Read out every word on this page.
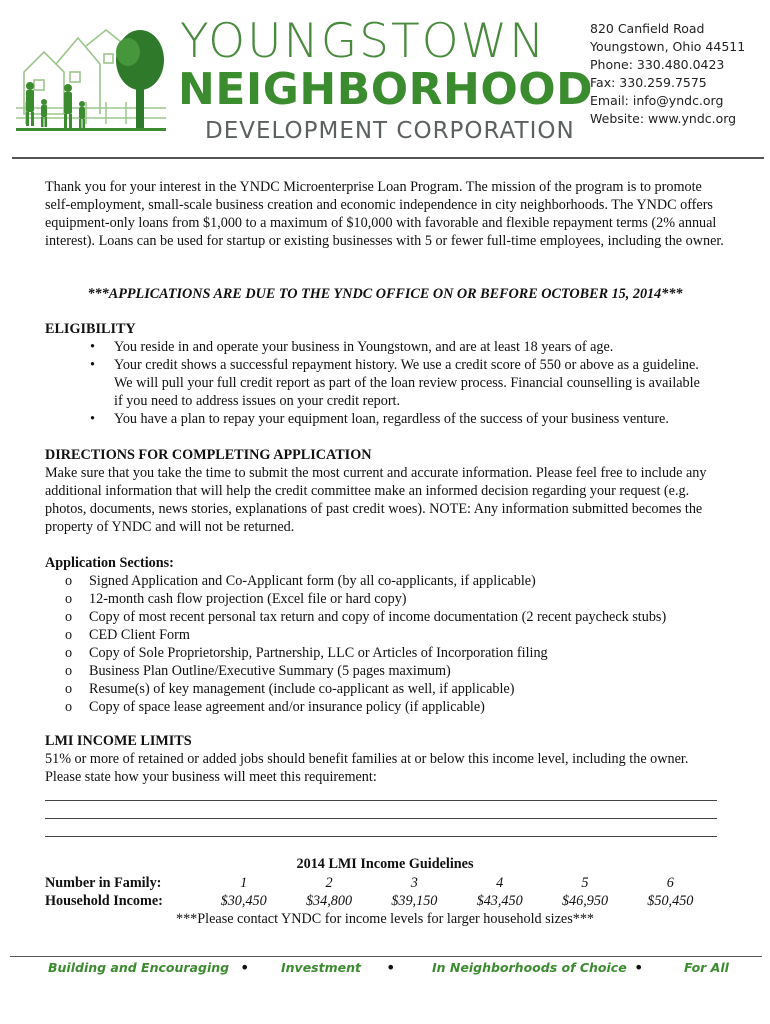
YOUNGSTOWN
NEIGHBORHOOD
DEVELOPMENT CORPORATION
820 Canfield Road
Youngstown, Ohio 44511
Phone: 330.480.0423
Fax: 330.259.7575
Email: info@yndc.org
Website: www.yndc.org
Thank you for your interest in the YNDC Microenterprise Loan Program. The mission of the program is to promote self-employment, small-scale business creation and economic independence in city neighborhoods. The YNDC offers equipment-only loans from $1,000 to a maximum of $10,000 with favorable and flexible repayment terms (2% annual interest). Loans can be used for startup or existing businesses with 5 or fewer full-time employees, including the owner.
***APPLICATIONS ARE DUE TO THE YNDC OFFICE ON OR BEFORE OCTOBER 15, 2014***
ELIGIBILITY
• You reside in and operate your business in Youngstown, and are at least 18 years of age.
• Your credit shows a successful repayment history. We use a credit score of 550 or above as a guideline. We will pull your full credit report as part of the loan review process. Financial counselling is available if you need to address issues on your credit report.
• You have a plan to repay your equipment loan, regardless of the success of your business venture.
DIRECTIONS FOR COMPLETING APPLICATION
Make sure that you take the time to submit the most current and accurate information. Please feel free to include any additional information that will help the credit committee make an informed decision regarding your request (e.g. photos, documents, news stories, explanations of past credit woes). NOTE: Any information submitted becomes the property of YNDC and will not be returned.
Application Sections:
o Signed Application and Co-Applicant form (by all co-applicants, if applicable)
o 12-month cash flow projection (Excel file or hard copy)
o Copy of most recent personal tax return and copy of income documentation (2 recent paycheck stubs)
o CED Client Form
o Copy of Sole Proprietorship, Partnership, LLC or Articles of Incorporation filing
o Business Plan Outline/Executive Summary (5 pages maximum)
o Resume(s) of key management (include co-applicant as well, if applicable)
o Copy of space lease agreement and/or insurance policy (if applicable)
LMI INCOME LIMITS
51% or more of retained or added jobs should benefit families at or below this income level, including the owner. Please state how your business will meet this requirement:
2014 LMI Income Guidelines
Number in Family:	1	2	3	4	5	6
Household Income:	$30,450	$34,800	$39,150	$43,450	$46,950	$50,450
***Please contact YNDC for income levels for larger household sizes***
Building and Encouraging •	Investment •	In Neighborhoods of Choice •	For All
